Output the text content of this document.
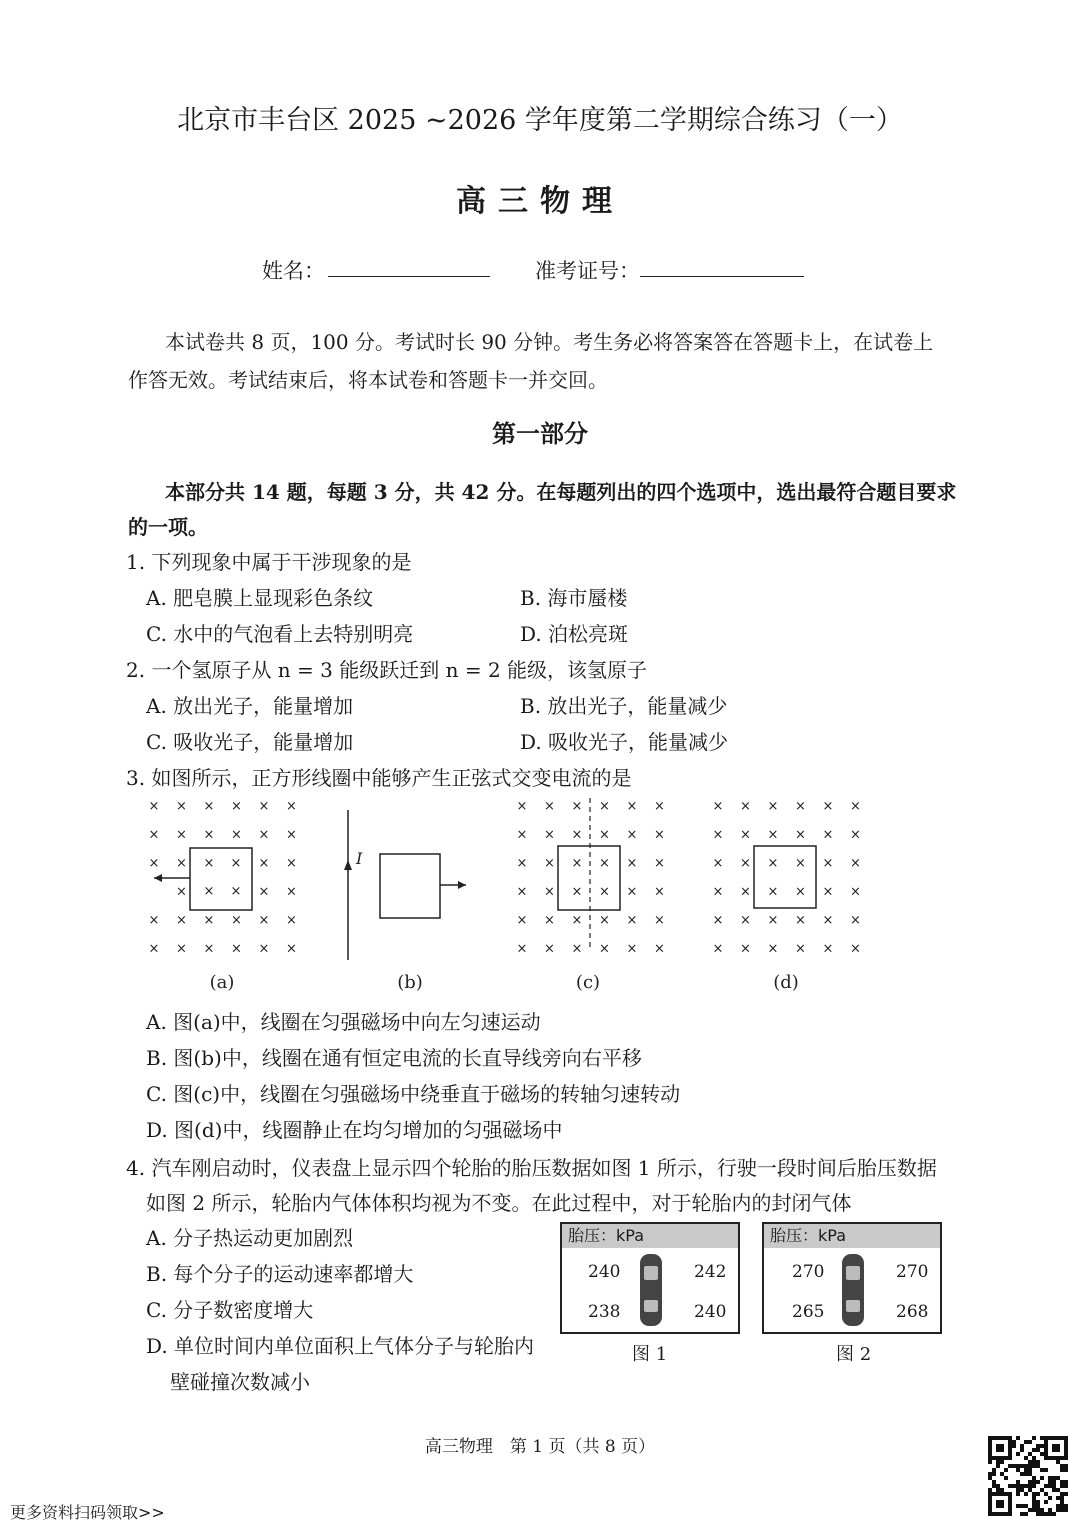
北京市丰台区 2025 ~2026 学年度第二学期综合练习（一）
高三物理
姓名：	准考证号：
本试卷共 8 页，100 分。考试时长 90 分钟。考生务必将答案答在答题卡上，在试卷上
作答无效。考试结束后，将本试卷和答题卡一并交回。
第一部分
本部分共 14 题，每题 3 分，共 42 分。在每题列出的四个选项中，选出最符合题目要求
的一项。
1. 下列现象中属于干涉现象的是
A. 肥皂膜上显现彩色条纹	B. 海市蜃楼
C. 水中的气泡看上去特别明亮	D. 泊松亮斑
2. 一个氢原子从 n = 3 能级跃迁到 n = 2 能级，该氢原子
A. 放出光子，能量增加	B. 放出光子，能量减少
C. 吸收光子，能量增加	D. 吸收光子，能量减少
3. 如图所示，正方形线圈中能够产生正弦式交变电流的是
× × × × × ×
× × × × × ×
× ×	× ×
×	× ×
× × × × × ×
× × × × × ×
× ×
× ×
I
× × × × × ×
× × × × × ×
× × × × × ×
× × × × × ×
× × × × × ×
× × × × × ×
× × × × × ×
× × × × × ×
× × × × × ×
× × × × × ×
× × × × × ×
× × × × × ×
(a)	(b)	(c)	(d)
A. 图(a)中，线圈在匀强磁场中向左匀速运动
B. 图(b)中，线圈在通有恒定电流的长直导线旁向右平移
C. 图(c)中，线圈在匀强磁场中绕垂直于磁场的转轴匀速转动
D. 图(d)中，线圈静止在均匀增加的匀强磁场中
4. 汽车刚启动时，仪表盘上显示四个轮胎的胎压数据如图 1 所示，行驶一段时间后胎压数据
如图 2 所示，轮胎内气体体积均视为不变。在此过程中，对于轮胎内的封闭气体
A. 分子热运动更加剧烈
B. 每个分子的运动速率都增大
C. 分子数密度增大
D. 单位时间内单位面积上气体分子与轮胎内
壁碰撞次数减小
胎压：kPa
240	242
238	240
图 1
胎压：kPa
270	270
265	268
图 2
高三物理　第 1 页（共 8 页）
更多资料扫码领取>>
